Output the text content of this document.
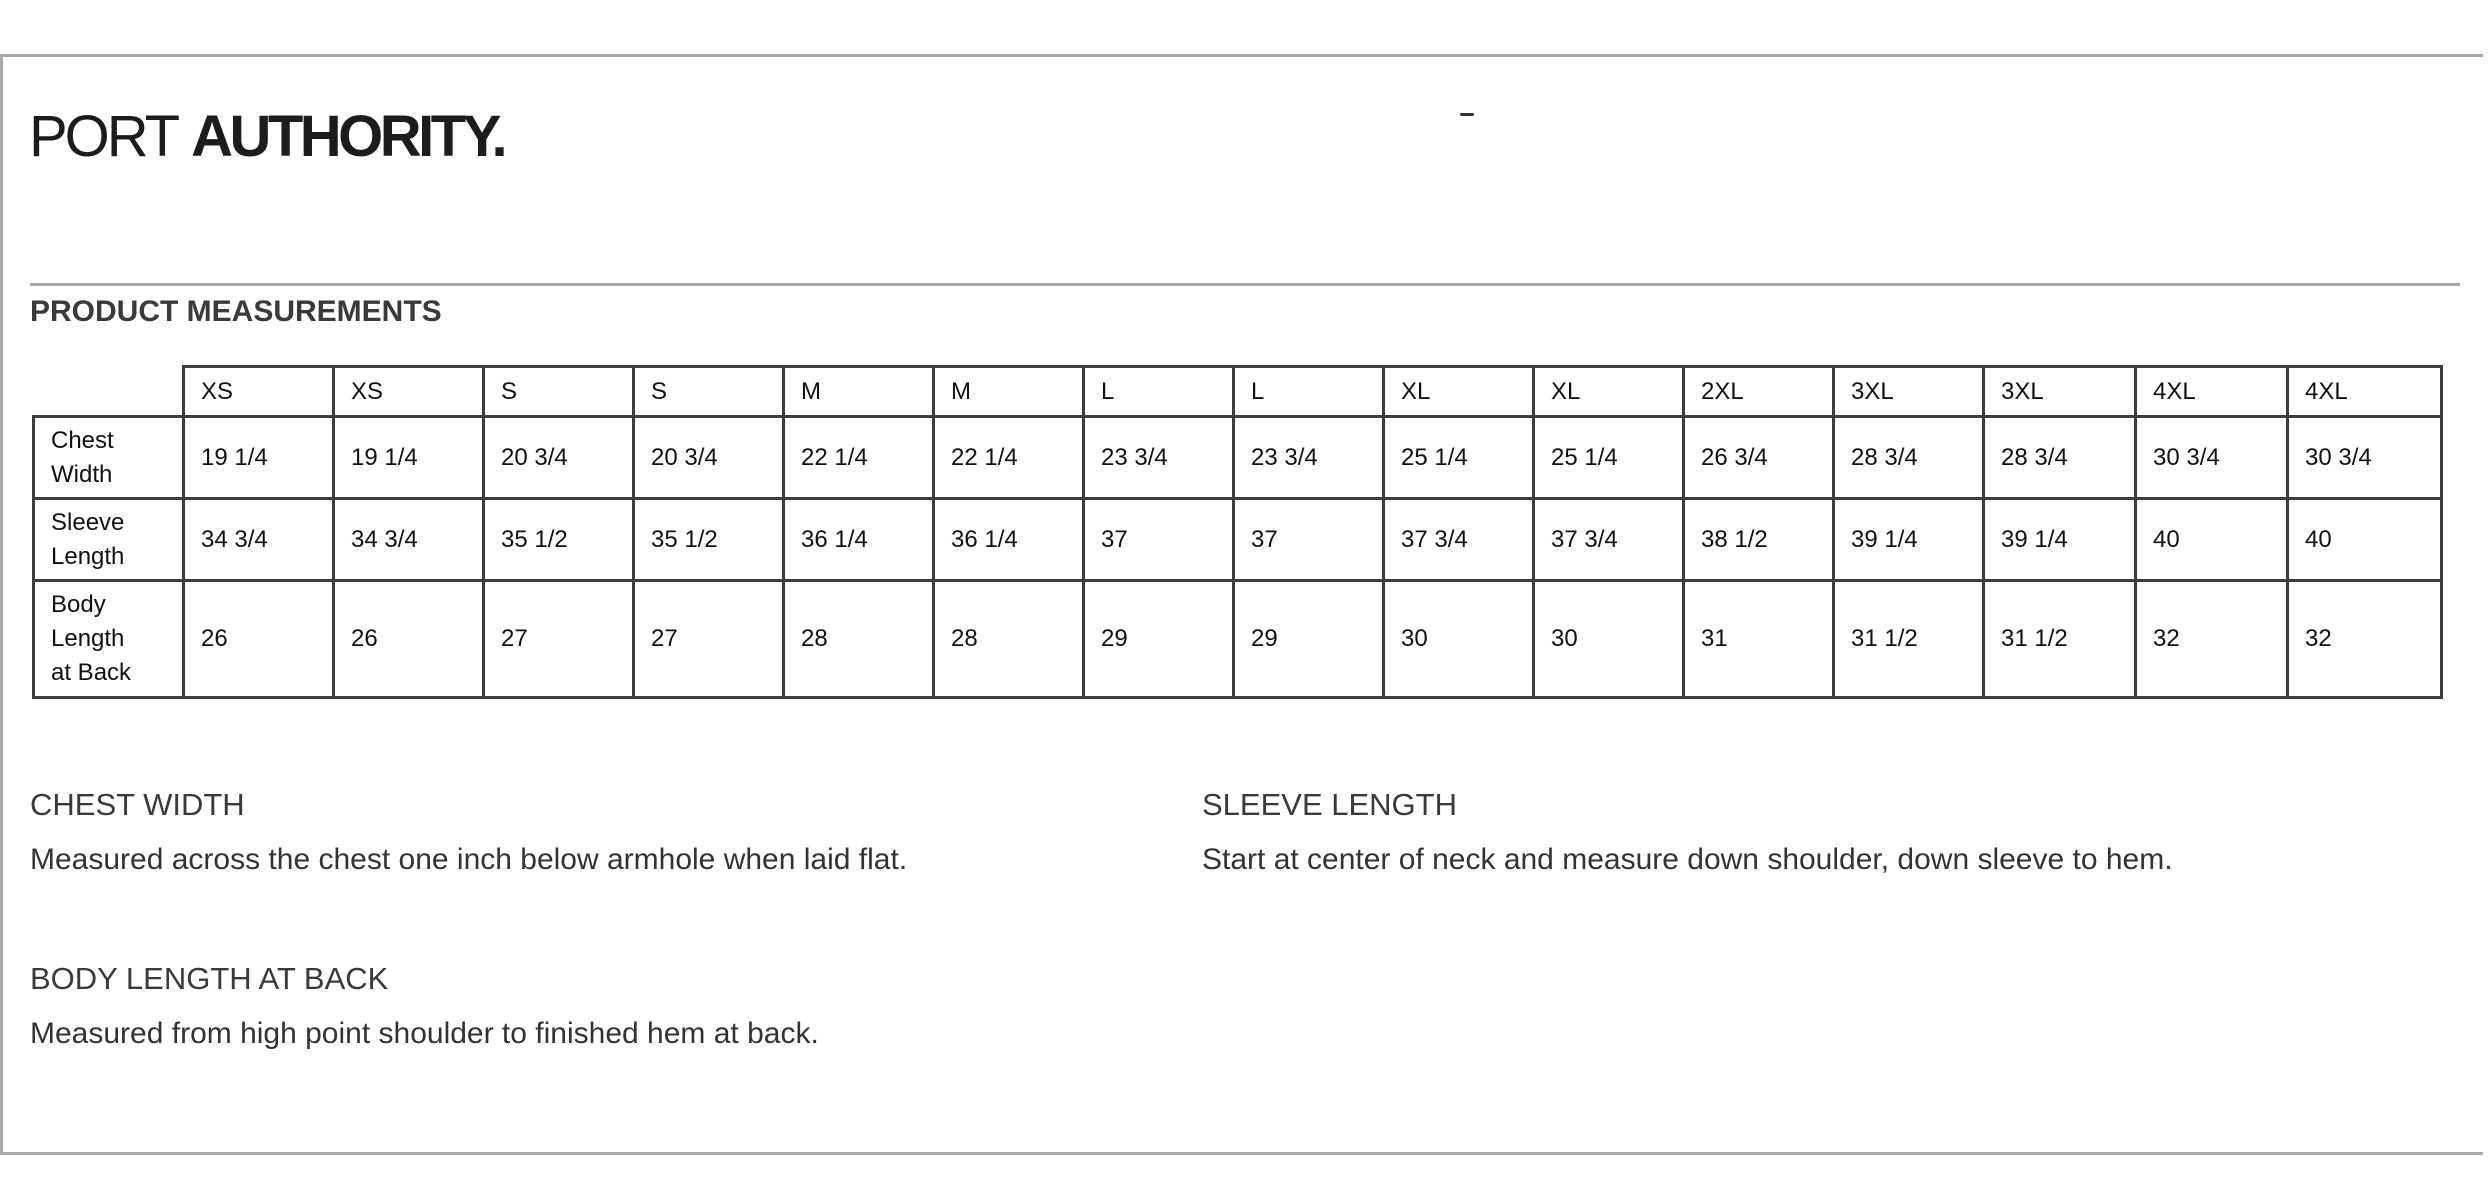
PORT AUTHORITY.
PRODUCT MEASUREMENTS
	XS	XS	S	S	M	M	L	L	XL	XL	2XL	3XL	3XL	4XL	4XL
Chest Width	19 1/4	19 1/4	20 3/4	20 3/4	22 1/4	22 1/4	23 3/4	23 3/4	25 1/4	25 1/4	26 3/4	28 3/4	28 3/4	30 3/4	30 3/4
Sleeve Length	34 3/4	34 3/4	35 1/2	35 1/2	36 1/4	36 1/4	37	37	37 3/4	37 3/4	38 1/2	39 1/4	39 1/4	40	40
Body Length at Back	26	26	27	27	28	28	29	29	30	30	31	31 1/2	31 1/2	32	32
CHEST WIDTH
Measured across the chest one inch below armhole when laid flat.
SLEEVE LENGTH
Start at center of neck and measure down shoulder, down sleeve to hem.
BODY LENGTH AT BACK
Measured from high point shoulder to finished hem at back.
